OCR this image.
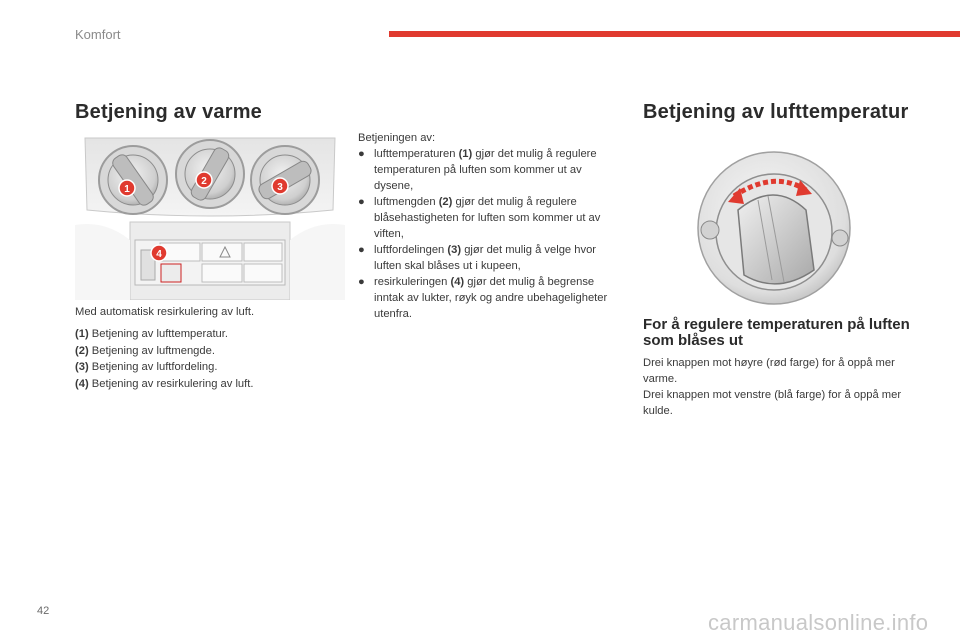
Komfort
Betjening av varme
1
2
3
4

Med automatisk resirkulering av luft.

(1) Betjening av lufttemperatur.
(2) Betjening av luftmengde.
(3) Betjening av luftfordeling.
(4) Betjening av resirkulering av luft.

Betjeningen av:

● lufttemperaturen (1) gjør det mulig å regulere temperaturen på luften som kommer ut av dysene,
● luftmengden (2) gjør det mulig å regulere blåsehastigheten for luften som kommer ut av viften,
● luftfordelingen (3) gjør det mulig å velge hvor luften skal blåses ut i kupeen,
● resirkuleringen (4) gjør det mulig å begrense inntak av lukter, røyk og andre ubehageligheter utenfra.
Betjening av lufttemperatur
For å regulere temperaturen på luften som blåses ut

Drei knappen mot høyre (rød farge) for å oppå mer varme.

Drei knappen mot venstre (blå farge) for å oppå mer kulde.

42	carmanualsonline.info
